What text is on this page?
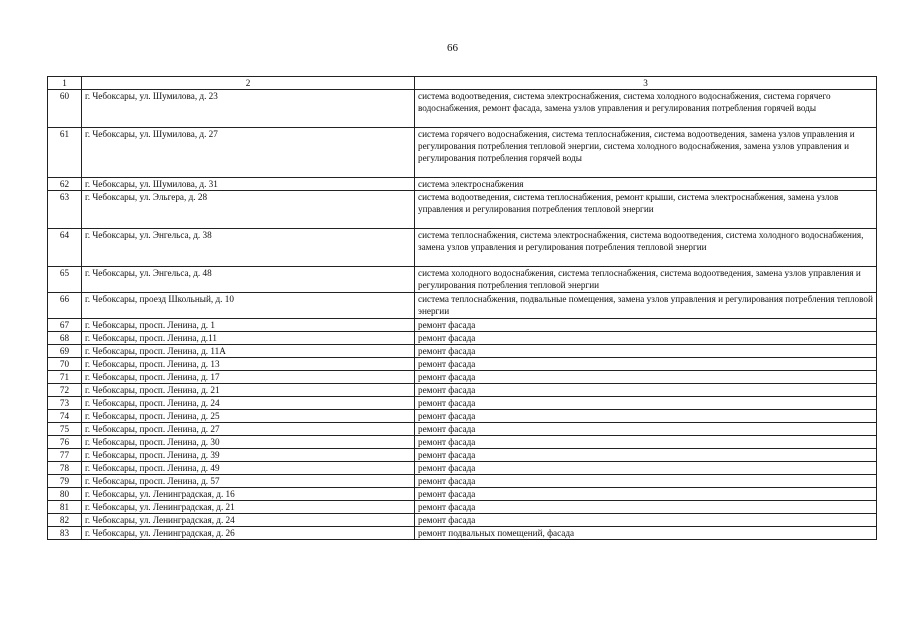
66
1	2	3
60	г. Чебоксары, ул. Шумилова, д. 23	система водоотведения, система электроснабжения, система холодного водоснабжения, система горячего водоснабжения, ремонт фасада, замена узлов управления и регулирования потребления горячей воды
61	г. Чебоксары, ул. Шумилова, д. 27	система горячего водоснабжения, система теплоснабжения, система водоотведения, замена узлов управления и регулирования потребления тепловой энергии, система холодного водоснабжения, замена узлов управления и регулирования потребления горячей воды
62	г. Чебоксары, ул. Шумилова, д. 31	система электроснабжения
63	г. Чебоксары, ул. Эльгера, д. 28	система водоотведения, система теплоснабжения, ремонт крыши, система электроснабжения, замена узлов управления и регулирования потребления тепловой энергии
64	г. Чебоксары, ул. Энгельса, д. 38	система теплоснабжения, система электроснабжения, система водоотведения, система холодного водоснабжения, замена узлов управления и регулирования потребления тепловой энергии
65	г. Чебоксары, ул. Энгельса, д. 48	система холодного водоснабжения, система теплоснабжения, система водоотведения, замена узлов управления и регулирования потребления тепловой энергии
66	г. Чебоксары, проезд Школьный, д. 10	система теплоснабжения, подвальные помещения, замена узлов управления и регулирования потребления тепловой энергии
67	г. Чебоксары, просп. Ленина, д. 1	ремонт фасада
68	г. Чебоксары, просп. Ленина, д.11	ремонт фасада
69	г. Чебоксары, просп. Ленина, д. 11А	ремонт фасада
70	г. Чебоксары, просп. Ленина, д. 13	ремонт фасада
71	г. Чебоксары, просп. Ленина, д. 17	ремонт фасада
72	г. Чебоксары, просп. Ленина, д. 21	ремонт фасада
73	г. Чебоксары, просп. Ленина, д. 24	ремонт фасада
74	г. Чебоксары, просп. Ленина, д. 25	ремонт фасада
75	г. Чебоксары, просп. Ленина, д. 27	ремонт фасада
76	г. Чебоксары, просп. Ленина, д. 30	ремонт фасада
77	г. Чебоксары, просп. Ленина, д. 39	ремонт фасада
78	г. Чебоксары, просп. Ленина, д. 49	ремонт фасада
79	г. Чебоксары, просп. Ленина, д. 57	ремонт фасада
80	г. Чебоксары, ул. Ленинградская, д. 16	ремонт фасада
81	г. Чебоксары, ул. Ленинградская, д. 21	ремонт фасада
82	г. Чебоксары, ул. Ленинградская, д. 24	ремонт фасада
83	г. Чебоксары, ул. Ленинградская, д. 26	ремонт подвальных помещений, фасада
